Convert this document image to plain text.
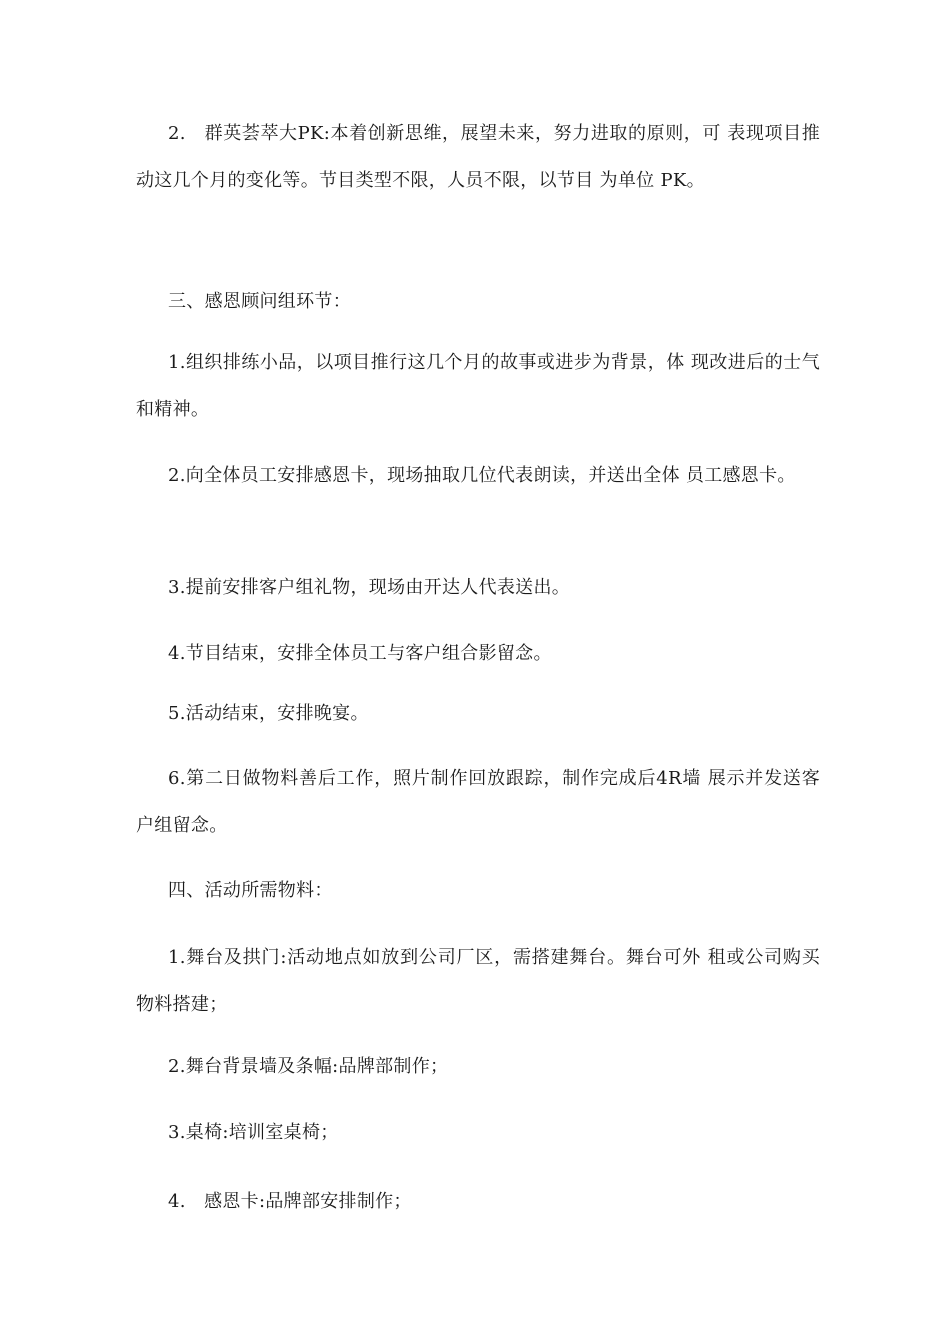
2.　群英荟萃大PK:本着创新思维，展望未来，努力进取的原则，可 表现项目推动这几个月的变化等。节目类型不限，人员不限，以节目 为单位 PK。

三、感恩顾问组环节：

1.组织排练小品，以项目推行这几个月的故事或进步为背景，体 现改进后的士气和精神。

2.向全体员工安排感恩卡，现场抽取几位代表朗读，并送出全体 员工感恩卡。

3.提前安排客户组礼物，现场由开达人代表送出。

4.节目结束，安排全体员工与客户组合影留念。

5.活动结束，安排晚宴。

6.第二日做物料善后工作，照片制作回放跟踪，制作完成后4R墙 展示并发送客户组留念。

四、活动所需物料：

1.舞台及拱门:活动地点如放到公司厂区，需搭建舞台。舞台可外 租或公司购买物料搭建；

2.舞台背景墙及条幅:品牌部制作；

3.桌椅:培训室桌椅；

4.　感恩卡:品牌部安排制作；
